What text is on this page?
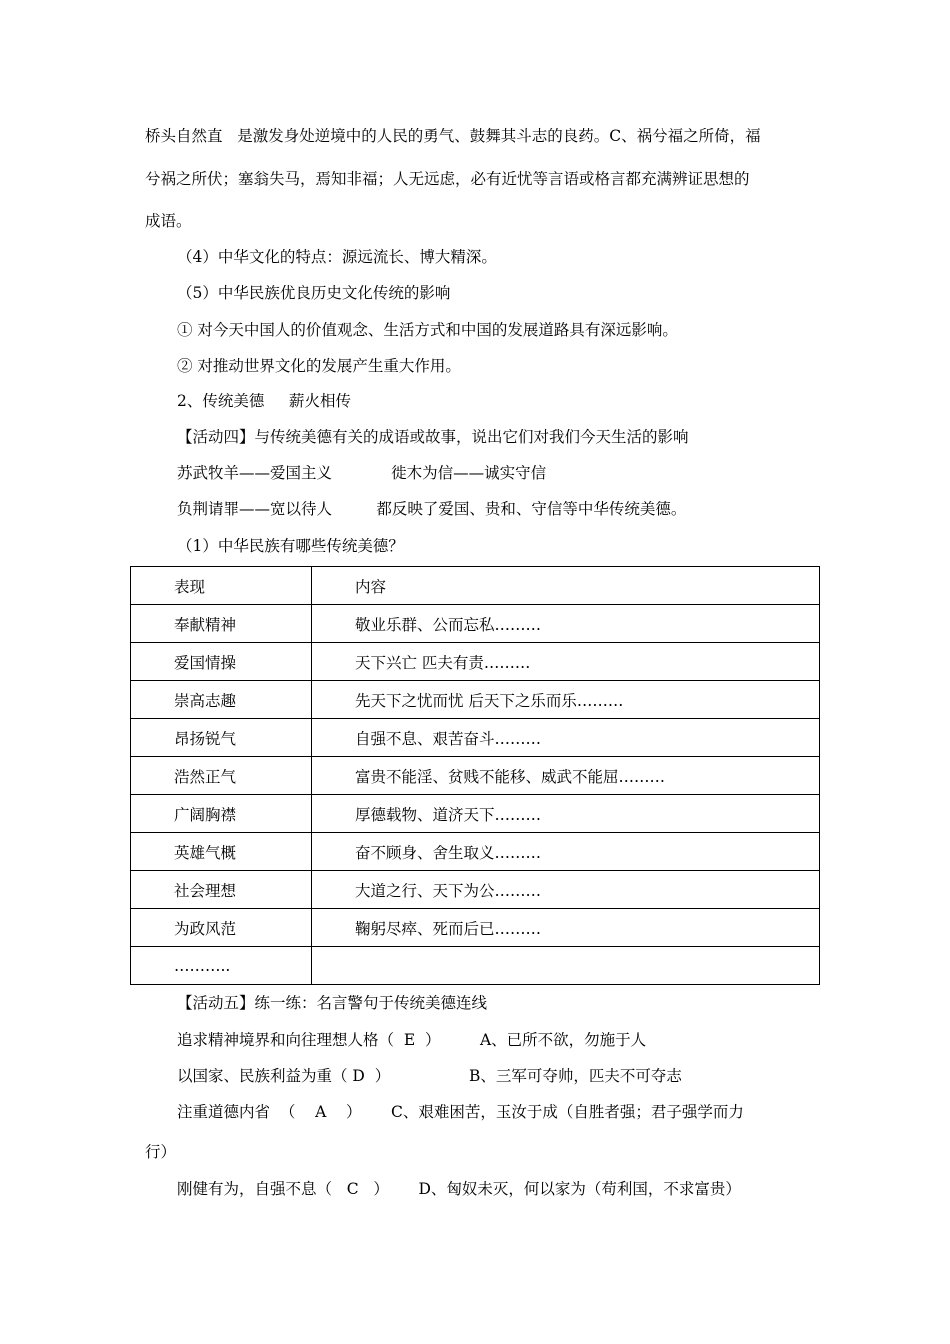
桥头自然直   是激发身处逆境中的人民的勇气、鼓舞其斗志的良药。C、祸兮福之所倚，福
兮祸之所伏；塞翁失马，焉知非福；人无远虑，必有近忧等言语或格言都充满辨证思想的
成语。
（4）中华文化的特点：源远流长、博大精深。
（5）中华民族优良历史文化传统的影响
① 对今天中国人的价值观念、生活方式和中国的发展道路具有深远影响。
② 对推动世界文化的发展产生重大作用。
2、传统美德     薪火相传
【活动四】与传统美德有关的成语或故事，说出它们对我们今天生活的影响
苏武牧羊——爱国主义            徙木为信——诚实守信
负荆请罪——宽以待人         都反映了爱国、贵和、守信等中华传统美德。
（1）中华民族有哪些传统美德？
表现	内容
奉献精神	敬业乐群、公而忘私………
爱国情操	天下兴亡 匹夫有责………
崇高志趣	先天下之忧而忧 后天下之乐而乐………
昂扬锐气	自强不息、艰苦奋斗………
浩然正气	富贵不能淫、贫贱不能移、威武不能屈………
广阔胸襟	厚德载物、道济天下………
英雄气概	奋不顾身、舍生取义………
社会理想	大道之行、天下为公………
为政风范	鞠躬尽瘁、死而后已………
………..	
【活动五】练一练：名言警句于传统美德连线
追求精神境界和向往理想人格（  E  ）        A、已所不欲，勿施于人
以国家、民族利益为重（ D  ）                B、三军可夺帅，匹夫不可夺志
注重道德内省  （    A    ）      C、艰难困苦，玉汝于成（自胜者强；君子强学而力
行）
刚健有为，自强不息（   C   ）      D、匈奴未灭，何以家为（苟利国，不求富贵）
